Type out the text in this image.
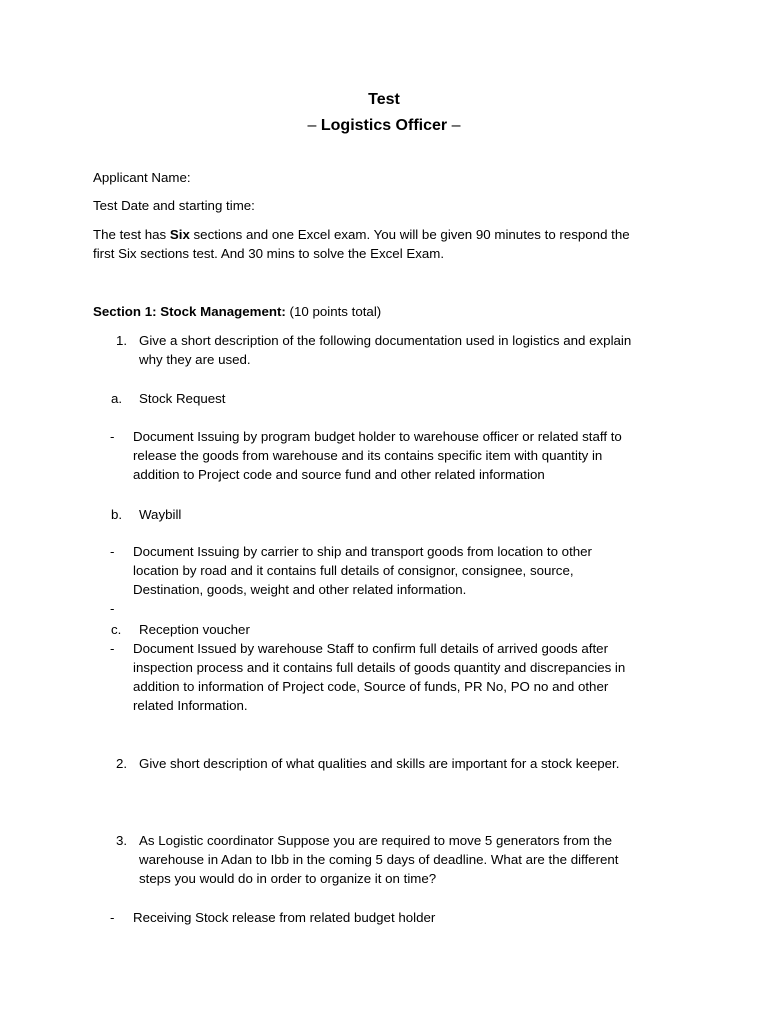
Test
– Logistics Officer –
Applicant Name:
Test Date and starting time:
The test has Six sections and one Excel exam. You will be given 90 minutes to respond the
first Six sections test. And 30 mins to solve the Excel Exam.
Section 1: Stock Management: (10 points total)
1. Give a short description of the following documentation used in logistics and explain
why they are used.
a. Stock Request
- Document Issuing by program budget holder to warehouse officer or related staff to
release the goods from warehouse and its contains specific item with quantity in
addition to Project code and source fund and other related information
b. Waybill
- Document Issuing by carrier to ship and transport goods from location to other
location by road and it contains full details of consignor, consignee, source,
Destination, goods, weight and other related information.
-
c. Reception voucher
- Document Issued by warehouse Staff to confirm full details of arrived goods after
inspection process and it contains full details of goods quantity and discrepancies in
addition to information of Project code, Source of funds, PR No, PO no and other
related Information.
2. Give short description of what qualities and skills are important for a stock keeper.
3. As Logistic coordinator Suppose you are required to move 5 generators from the
warehouse in Adan to Ibb in the coming 5 days of deadline. What are the different
steps you would do in order to organize it on time?
- Receiving Stock release from related budget holder
